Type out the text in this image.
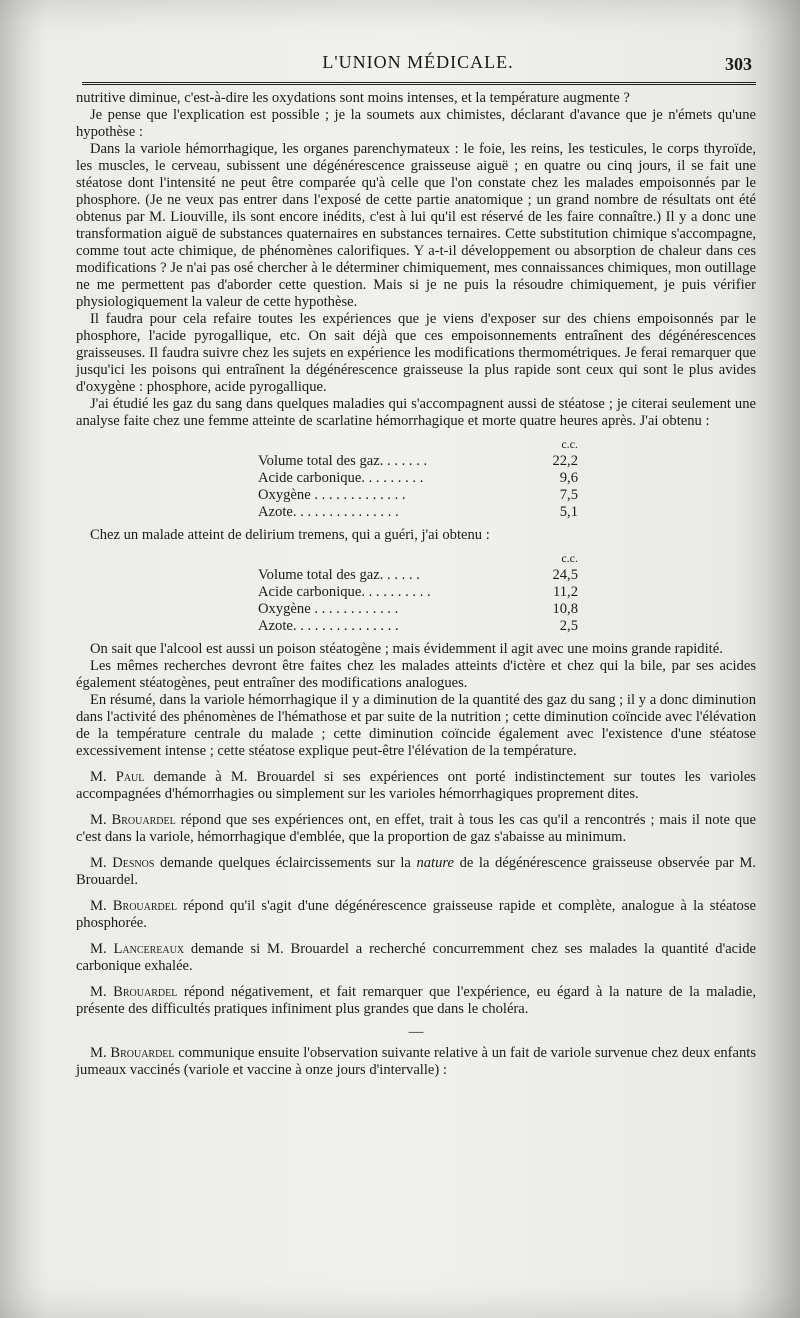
L'UNION MÉDICALE.	303

nutritive diminue, c'est-à-dire les oxydations sont moins intenses, et la température augmente ?

Je pense que l'explication est possible ; je la soumets aux chimistes, déclarant d'avance que je n'émets qu'une hypothèse :

Dans la variole hémorrhagique, les organes parenchymateux : le foie, les reins, les testicules, le corps thyroïde, les muscles, le cerveau, subissent une dégénérescence graisseuse aiguë ; en quatre ou cinq jours, il se fait une stéatose dont l'intensité ne peut être comparée qu'à celle que l'on constate chez les malades empoisonnés par le phosphore. (Je ne veux pas entrer dans l'exposé de cette partie anatomique ; un grand nombre de résultats ont été obtenus par M. Liouville, ils sont encore inédits, c'est à lui qu'il est réservé de les faire connaître.) Il y a donc une transformation aiguë de substances quaternaires en substances ternaires. Cette substitution chimique s'accompagne, comme tout acte chimique, de phénomènes calorifiques. Y a-t-il développement ou absorption de chaleur dans ces modifications ? Je n'ai pas osé chercher à le déterminer chimiquement, mes connaissances chimiques, mon outillage ne me permettent pas d'aborder cette question. Mais si je ne puis la résoudre chimiquement, je puis vérifier physiologiquement la valeur de cette hypothèse.

Il faudra pour cela refaire toutes les expériences que je viens d'exposer sur des chiens empoisonnés par le phosphore, l'acide pyrogallique, etc. On sait déjà que ces empoisonnements entraînent des dégénérescences graisseuses. Il faudra suivre chez les sujets en expérience les modifications thermométriques. Je ferai remarquer que jusqu'ici les poisons qui entraînent la dégénérescence graisseuse la plus rapide sont ceux qui sont le plus avides d'oxygène : phosphore, acide pyrogallique.

J'ai étudié les gaz du sang dans quelques maladies qui s'accompagnent aussi de stéatose ; je citerai seulement une analyse faite chez une femme atteinte de scarlatine hémorrhagique et morte quatre heures après. J'ai obtenu :

	c.c.
Volume total des gaz. . . . . . .	22,2
Acide carbonique. . . . . . . . .	9,6
Oxygène . . . . . . . . . . . . .	7,5
Azote. . . . . . . . . . . . . . .	5,1

Chez un malade atteint de delirium tremens, qui a guéri, j'ai obtenu :

	c.c.
Volume total des gaz. . . . . .	24,5
Acide carbonique. . . . . . . . . .	11,2
Oxygène . . . . . . . . . . . .	10,8
Azote. . . . . . . . . . . . . . .	2,5

On sait que l'alcool est aussi un poison stéatogène ; mais évidemment il agit avec une moins grande rapidité.

Les mêmes recherches devront être faites chez les malades atteints d'ictère et chez qui la bile, par ses acides également stéatogènes, peut entraîner des modifications analogues.

En résumé, dans la variole hémorrhagique il y a diminution de la quantité des gaz du sang ; il y a donc diminution dans l'activité des phénomènes de l'hémathose et par suite de la nutrition ; cette diminution coïncide avec l'élévation de la température centrale du malade ; cette diminution coïncide également avec l'existence d'une stéatose excessivement intense ; cette stéatose explique peut-être l'élévation de la température.

M. Paul demande à M. Brouardel si ses expériences ont porté indistinctement sur toutes les varioles accompagnées d'hémorrhagies ou simplement sur les varioles hémorrhagiques proprement dites.

M. Brouardel répond que ses expériences ont, en effet, trait à tous les cas qu'il a rencontrés ; mais il note que c'est dans la variole, hémorrhagique d'emblée, que la proportion de gaz s'abaisse au minimum.

M. Desnos demande quelques éclaircissements sur la nature de la dégénérescence graisseuse observée par M. Brouardel.

M. Brouardel répond qu'il s'agit d'une dégénérescence graisseuse rapide et complète, analogue à la stéatose phosphorée.

M. Lancereaux demande si M. Brouardel a recherché concurremment chez ses malades la quantité d'acide carbonique exhalée.

M. Brouardel répond négativement, et fait remarquer que l'expérience, eu égard à la nature de la maladie, présente des difficultés pratiques infiniment plus grandes que dans le choléra.

—

M. Brouardel communique ensuite l'observation suivante relative à un fait de variole survenue chez deux enfants jumeaux vaccinés (variole et vaccine à onze jours d'intervalle) :
